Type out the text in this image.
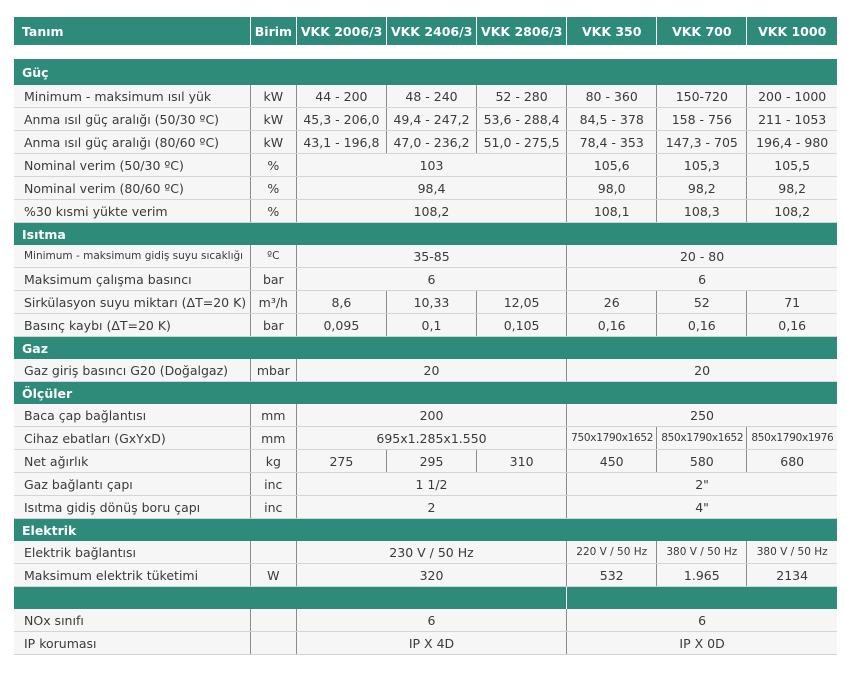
Tanım	Birim	VKK 2006/3	VKK 2406/3	VKK 2806/3	VKK 350	VKK 700	VKK 1000

Güç							
Minimum - maksimum ısıl yük	kW	44 - 200	48 - 240	52 - 280	80 - 360	150-720	200 - 1000
Anma ısıl güç aralığı (50/30 ºC)	kW	45,3 - 206,0	49,4 - 247,2	53,6 - 288,4	84,5 - 378	158 - 756	211 - 1053
Anma ısıl güç aralığı (80/60 ºC)	kW	43,1 - 196,8	47,0 - 236,2	51,0 - 275,5	78,4 - 353	147,3 - 705	196,4 - 980
Nominal verim (50/30 ºC)	%	103			105,6	105,3	105,5
Nominal verim (80/60 ºC)	%	98,4			98,0	98,2	98,2
%30 kısmi yükte verim	%	108,2			108,1	108,3	108,2
Isıtma							
Minimum - maksimum gidiş suyu sıcaklığı	ºC	35-85			20 - 80		
Maksimum çalışma basıncı	bar	6			6		
Sirkülasyon suyu miktarı (ΔT=20 K)	m³/h	8,6	10,33	12,05	26	52	71
Basınç kaybı (ΔT=20 K)	bar	0,095	0,1	0,105	0,16	0,16	0,16
Gaz							
Gaz giriş basıncı G20 (Doğalgaz)	mbar	20			20		
Ölçüler							
Baca çap bağlantısı	mm	200			250		
Cihaz ebatları (GxYxD)	mm	695x1.285x1.550			750x1790x1652	850x1790x1652	850x1790x1976
Net ağırlık	kg	275	295	310	450	580	680
Gaz bağlantı çapı	inc	1 1/2			2"		
Isıtma gidiş dönüş boru çapı	inc	2			4"		
Elektrik							
Elektrik bağlantısı		230 V / 50 Hz			220 V / 50 Hz	380 V / 50 Hz	380 V / 50 Hz
Maksimum elektrik tüketimi	W	320			532	1.965	2134

NOx sınıfı		6			6		
IP koruması		IP X 4D			IP X 0D		
